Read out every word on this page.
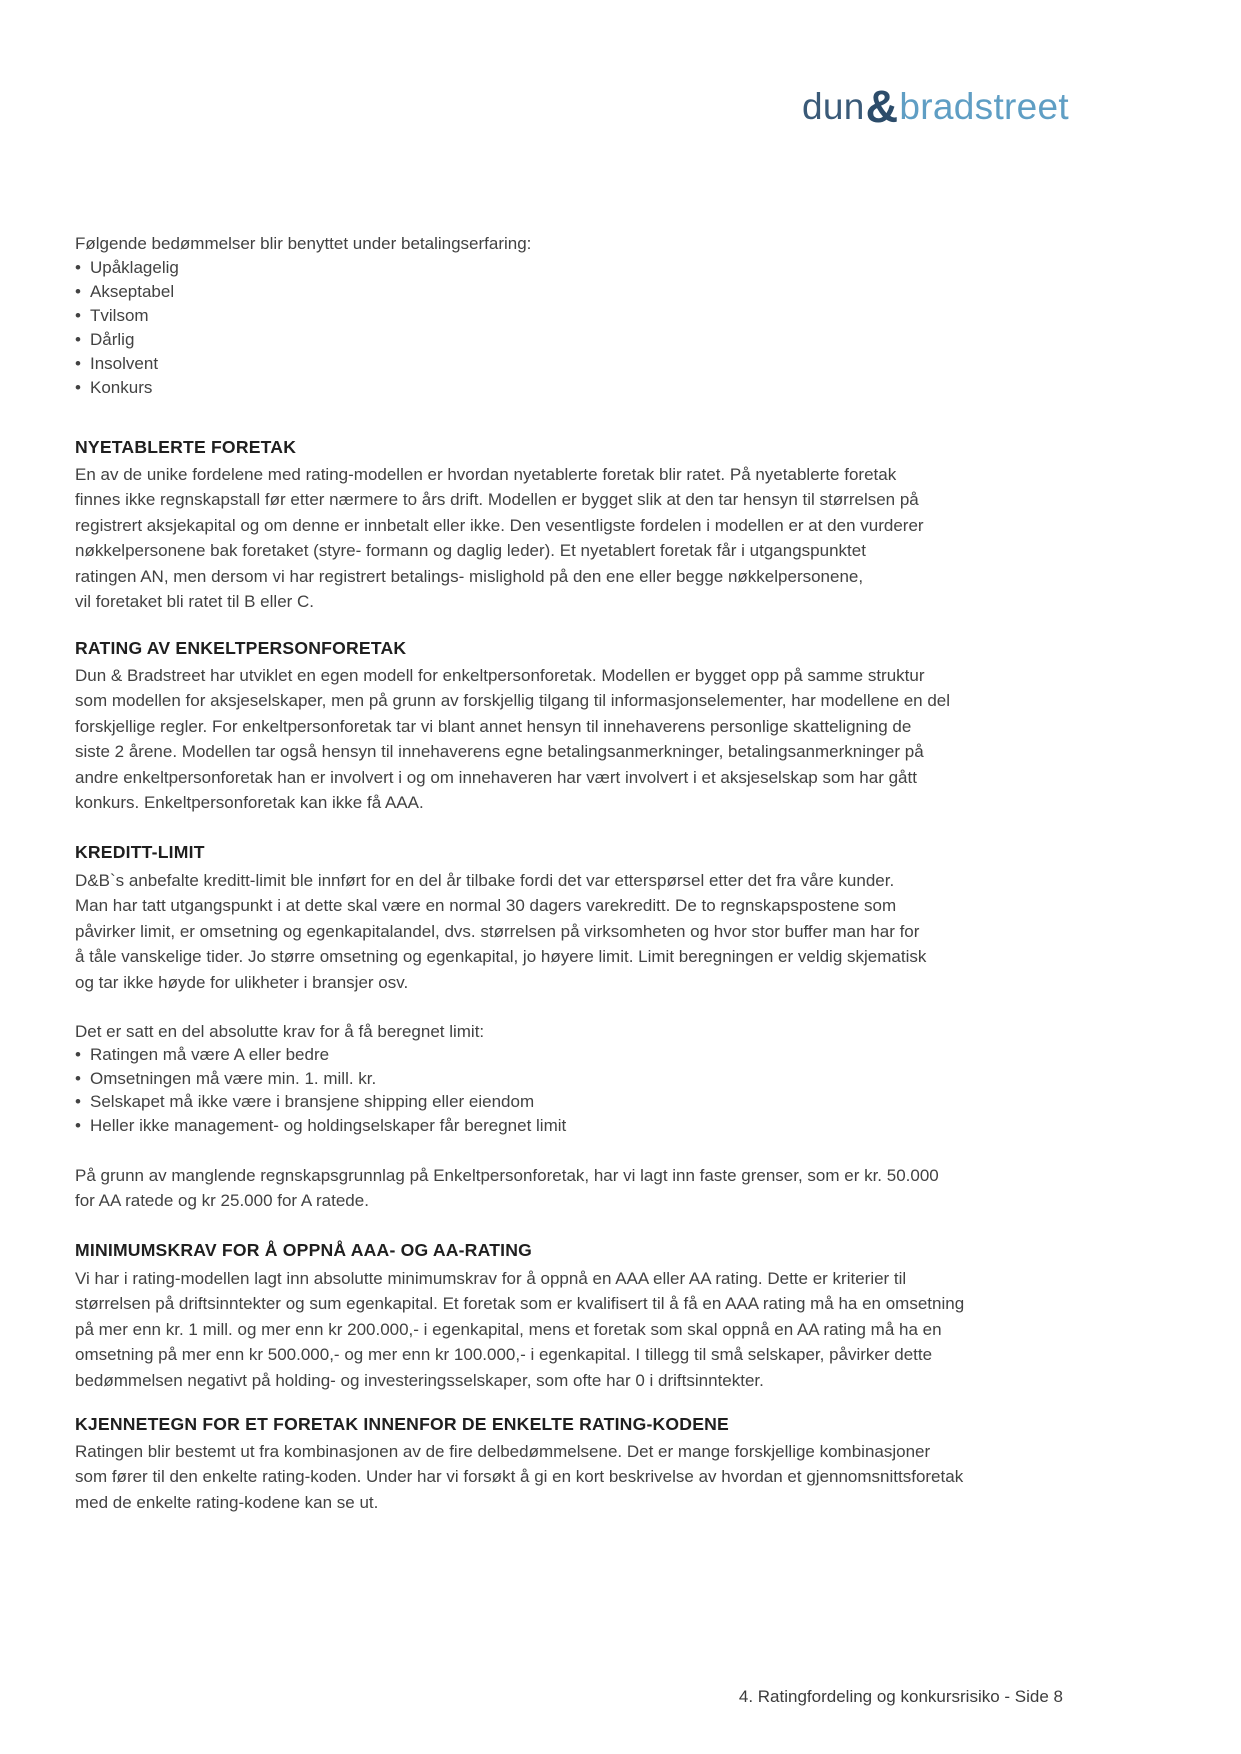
dun&bradstreet
Følgende bedømmelser blir benyttet under betalingserfaring:
• Upåklagelig
• Akseptabel
• Tvilsom
• Dårlig
• Insolvent
• Konkurs
NYETABLERTE FORETAK
En av de unike fordelene med rating-modellen er hvordan nyetablerte foretak blir ratet. På nyetablerte foretak
finnes ikke regnskapstall før etter nærmere to års drift. Modellen er bygget slik at den tar hensyn til størrelsen på
registrert aksjekapital og om denne er innbetalt eller ikke. Den vesentligste fordelen i modellen er at den vurderer
nøkkelpersonene bak foretaket (styre- formann og daglig leder). Et nyetablert foretak får i utgangspunktet
ratingen AN, men dersom vi har registrert betalings- mislighold på den ene eller begge nøkkelpersonene,
vil foretaket bli ratet til B eller C.
RATING AV ENKELTPERSONFORETAK
Dun & Bradstreet har utviklet en egen modell for enkeltpersonforetak. Modellen er bygget opp på samme struktur
som modellen for aksjeselskaper, men på grunn av forskjellig tilgang til informasjonselementer, har modellene en del
forskjellige regler. For enkeltpersonforetak tar vi blant annet hensyn til innehaverens personlige skatteligning de
siste 2 årene. Modellen tar også hensyn til innehaverens egne betalingsanmerkninger, betalingsanmerkninger på
andre enkeltpersonforetak han er involvert i og om innehaveren har vært involvert i et aksjeselskap som har gått
konkurs. Enkeltpersonforetak kan ikke få AAA.
KREDITT-LIMIT
D&B`s anbefalte kreditt-limit ble innført for en del år tilbake fordi det var etterspørsel etter det fra våre kunder.
Man har tatt utgangspunkt i at dette skal være en normal 30 dagers varekreditt. De to regnskapspostene som
påvirker limit, er omsetning og egenkapitalandel, dvs. størrelsen på virksomheten og hvor stor buffer man har for
å tåle vanskelige tider. Jo større omsetning og egenkapital, jo høyere limit. Limit beregningen er veldig skjematisk
og tar ikke høyde for ulikheter i bransjer osv.
Det er satt en del absolutte krav for å få beregnet limit:
• Ratingen må være A eller bedre
• Omsetningen må være min. 1. mill. kr.
• Selskapet må ikke være i bransjene shipping eller eiendom
• Heller ikke management- og holdingselskaper får beregnet limit
På grunn av manglende regnskapsgrunnlag på Enkeltpersonforetak, har vi lagt inn faste grenser, som er kr. 50.000
for AA ratede og kr 25.000 for A ratede.
MINIMUMSKRAV FOR Å OPPNÅ AAA- OG AA-RATING
Vi har i rating-modellen lagt inn absolutte minimumskrav for å oppnå en AAA eller AA rating. Dette er kriterier til
størrelsen på driftsinntekter og sum egenkapital. Et foretak som er kvalifisert til å få en AAA rating må ha en omsetning
på mer enn kr. 1 mill. og mer enn kr 200.000,- i egenkapital, mens et foretak som skal oppnå en AA rating må ha en
omsetning på mer enn kr 500.000,- og mer enn kr 100.000,- i egenkapital. I tillegg til små selskaper, påvirker dette
bedømmelsen negativt på holding- og investeringsselskaper, som ofte har 0 i driftsinntekter.
KJENNETEGN FOR ET FORETAK INNENFOR DE ENKELTE RATING-KODENE
Ratingen blir bestemt ut fra kombinasjonen av de fire delbedømmelsene. Det er mange forskjellige kombinasjoner
som fører til den enkelte rating-koden. Under har vi forsøkt å gi en kort beskrivelse av hvordan et gjennomsnittsforetak
med de enkelte rating-kodene kan se ut.
4. Ratingfordeling og konkursrisiko - Side 8
